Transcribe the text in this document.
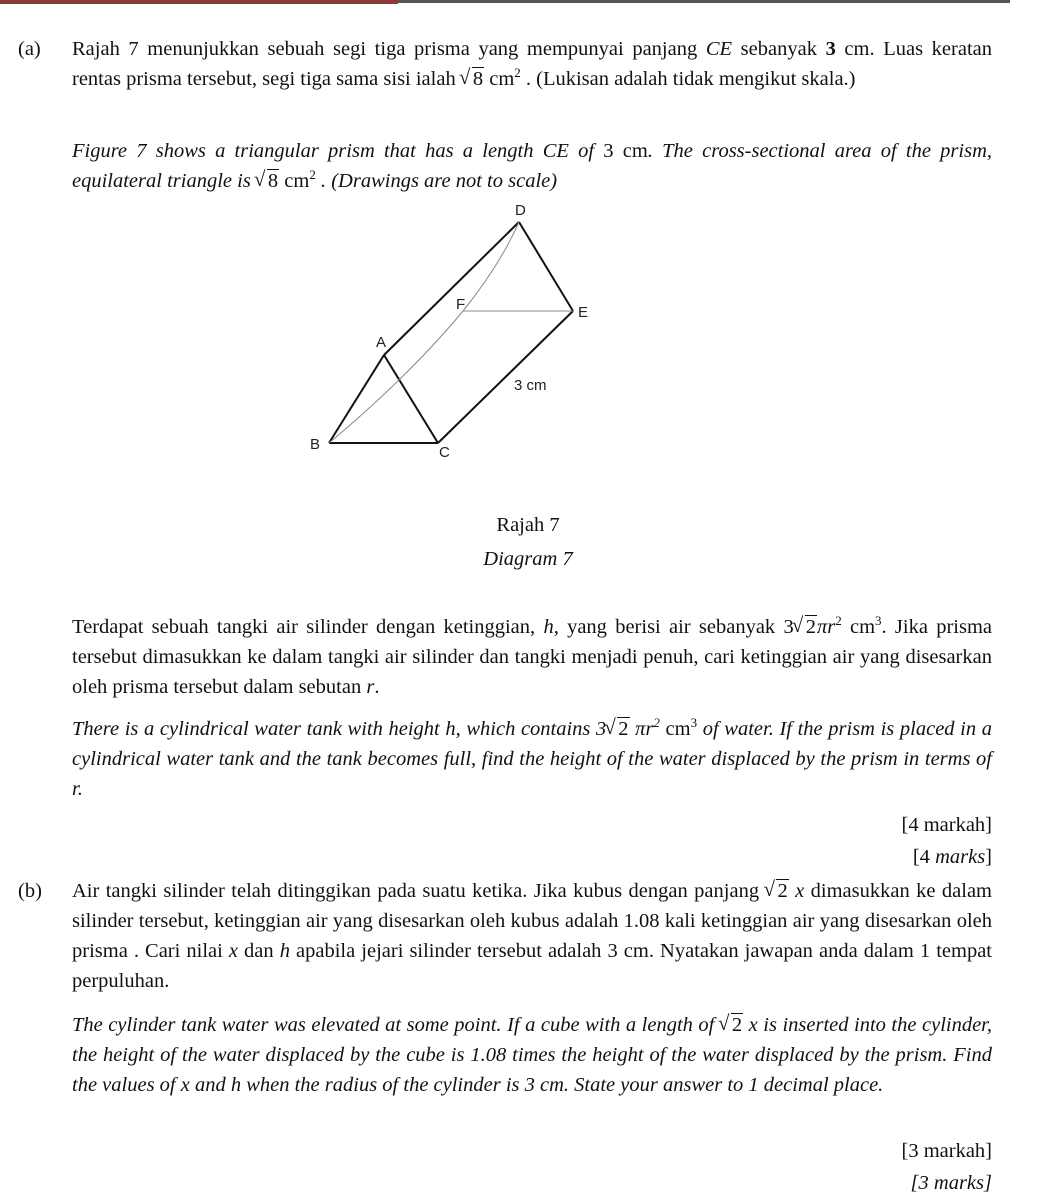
(a) Rajah 7 menunjukkan sebuah segi tiga prisma yang mempunyai panjang CE sebanyak 3 cm. Luas keratan rentas prisma tersebut, segi tiga sama sisi ialah √ 8 $cm^2$ . (Lukisan adalah tidak mengikut skala.)
Figure 7 shows a triangular prism that has a length CE of 3 cm. The cross-sectional area of the prism, equilateral triangle is √ 8 $cm^2$ . (Drawings are not to scale)
D
E
F
A
B	C
3 cm
Rajah 7
Diagram 7
Terdapat sebuah tangki air silinder dengan ketinggian, h, yang berisi air sebanyak 3 √ $2\pi r^2$ $cm^3$. Jika prisma tersebut dimasukkan ke dalam tangki air silinder dan tangki menjadi penuh, cari ketinggian air yang disesarkan oleh prisma tersebut dalam sebutan r.
There is a cylindrical water tank with height h, which contains 3 √ 2 $\pi r^2$ $cm^3$ of water. If the prism is placed in a cylindrical water tank and the tank becomes full, find the height of the water displaced by the prism in terms of r.
[4 markah]
[4 marks]
(b) Air tangki silinder telah ditinggikan pada suatu ketika. Jika kubus dengan panjang √ 2 x dimasukkan ke dalam silinder tersebut, ketinggian air yang disesarkan oleh kubus adalah 1.08 kali ketinggian air yang disesarkan oleh prisma . Cari nilai x dan h apabila jejari silinder tersebut adalah 3 cm. Nyatakan jawapan anda dalam 1 tempat perpuluhan.
The cylinder tank water was elevated at some point. If a cube with a length of √ 2 x is inserted into the cylinder, the height of the water displaced by the cube is 1.08 times the height of the water displaced by the prism. Find the values of x and h when the radius of the cylinder is 3 cm. State your answer to 1 decimal place.
[3 markah]
[3 marks]
